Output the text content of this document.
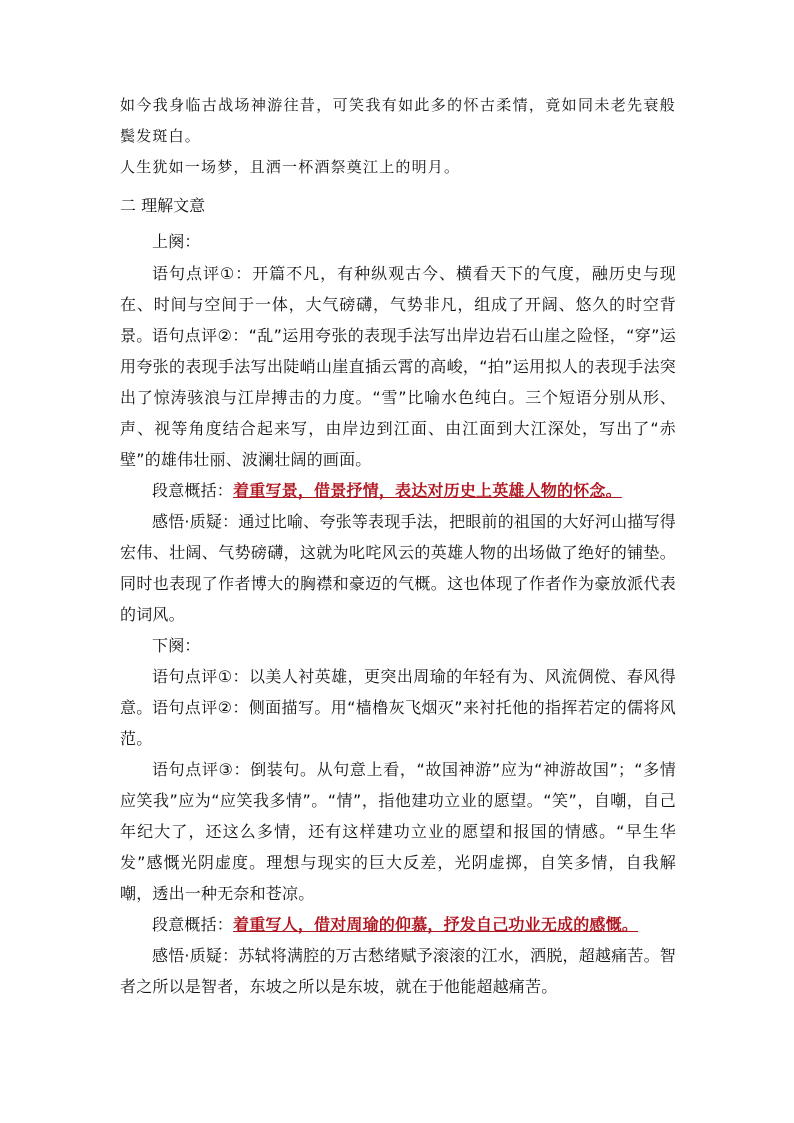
如今我身临古战场神游往昔，可笑我有如此多的怀古柔情，竟如同未老先衰般鬓发斑白。

人生犹如一场梦，且洒一杯酒祭奠江上的明月。

二 理解文意

上阕：

语句点评①：开篇不凡，有种纵观古今、横看天下的气度，融历史与现在、时间与空间于一体，大气磅礴，气势非凡，组成了开阔、悠久的时空背景。 语句点评②：“乱”运用夸张的表现手法写出岸边岩石山崖之险怪，“穿”运用夸张的表现手法写出陡峭山崖直插云霄的高峻，“拍”运用拟人的表现手法突出了惊涛骇浪与江岸搏击的力度。“雪”比喻水色纯白。三个短语分别从形、声、视等角度结合起来写，由岸边到江面、由江面到大江深处，写出了“赤壁”的雄伟壮丽、波澜壮阔的画面。

段意概括：着重写景，借景抒情，表达对历史上英雄人物的怀念。

感悟·质疑：通过比喻、夸张等表现手法，把眼前的祖国的大好河山描写得宏伟、壮阔、气势磅礴，这就为叱咤风云的英雄人物的出场做了绝好的铺垫。同时也表现了作者博大的胸襟和豪迈的气概。这也体现了作者作为豪放派代表的词风。

下阕：

语句点评①：以美人衬英雄，更突出周瑜的年轻有为、风流倜傥、春风得意。 语句点评②：侧面描写。用“樯橹灰飞烟灭”来衬托他的指挥若定的儒将风范。

语句点评③：倒装句。从句意上看，“故国神游”应为“神游故国”；“多情应笑我”应为“应笑我多情”。“情”，指他建功立业的愿望。“笑”，自嘲，自己年纪大了，还这么多情，还有这样建功立业的愿望和报国的情感。“早生华发”感慨光阴虚度。理想与现实的巨大反差，光阴虚掷，自笑多情，自我解嘲，透出一种无奈和苍凉。

段意概括：着重写人，借对周瑜的仰慕，抒发自己功业无成的感慨。

感悟·质疑：苏轼将满腔的万古愁绪赋予滚滚的江水，洒脱，超越痛苦。智者之所以是智者，东坡之所以是东坡，就在于他能超越痛苦。
